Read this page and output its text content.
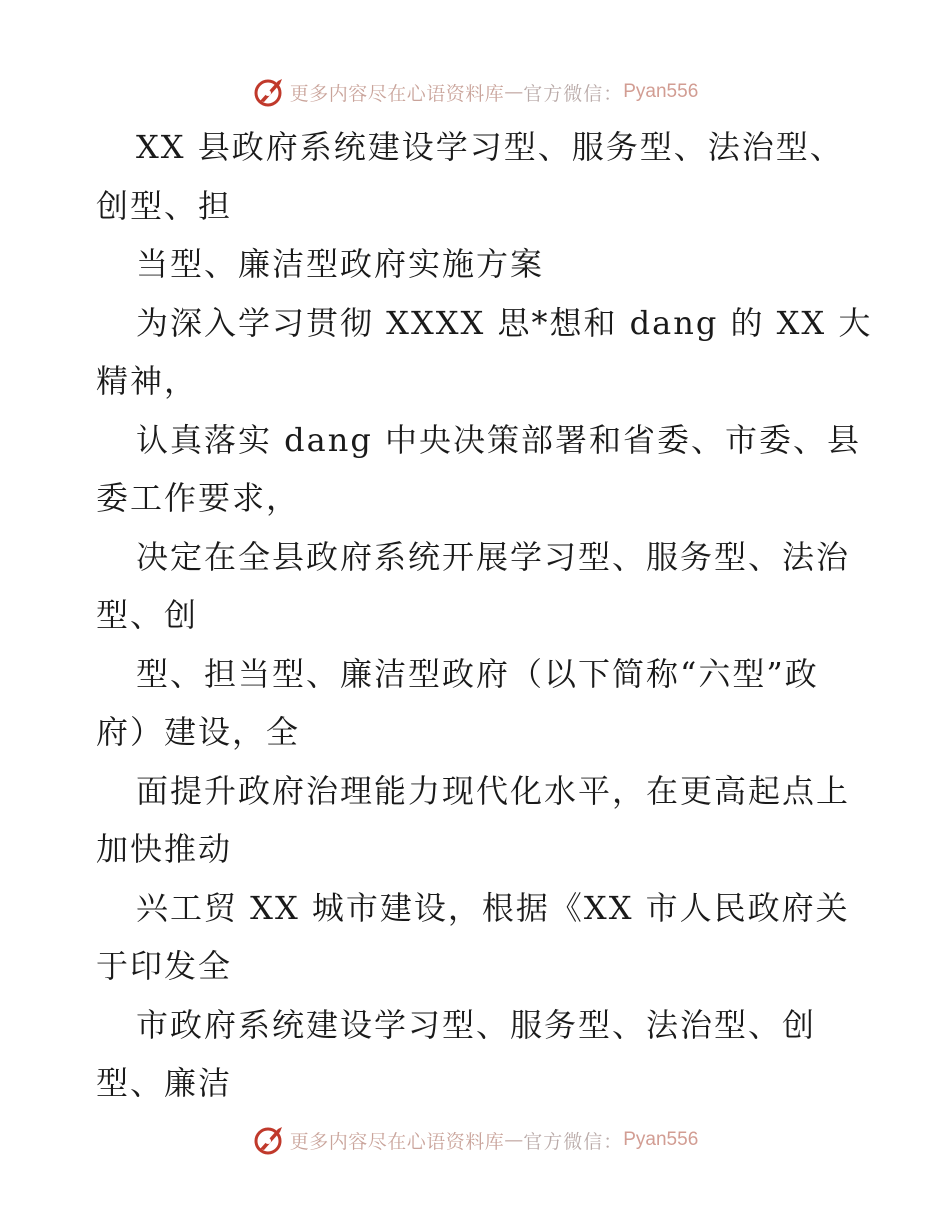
更多内容尽在心语资料库 — 官方微信： Pyan556
XX 县政府系统建设学习型、服务型、法治型、
创型、担
当型、廉洁型政府实施方案
为深入学习贯彻 XXXX 思*想和 dang 的 XX 大
精神，
认真落实 dang 中央决策部署和省委、市委、县
委工作要求，
决定在全县政府系统开展学习型、服务型、法治
型、创
型、担当型、廉洁型政府（以下简称“六型”政
府）建设，全
面提升政府治理能力现代化水平，在更高起点上
加快推动
兴工贸 XX 城市建设，根据《XX 市人民政府关
于印发全
市政府系统建设学习型、服务型、法治型、创
型、廉洁
更多内容尽在心语资料库 — 官方微信： Pyan556
